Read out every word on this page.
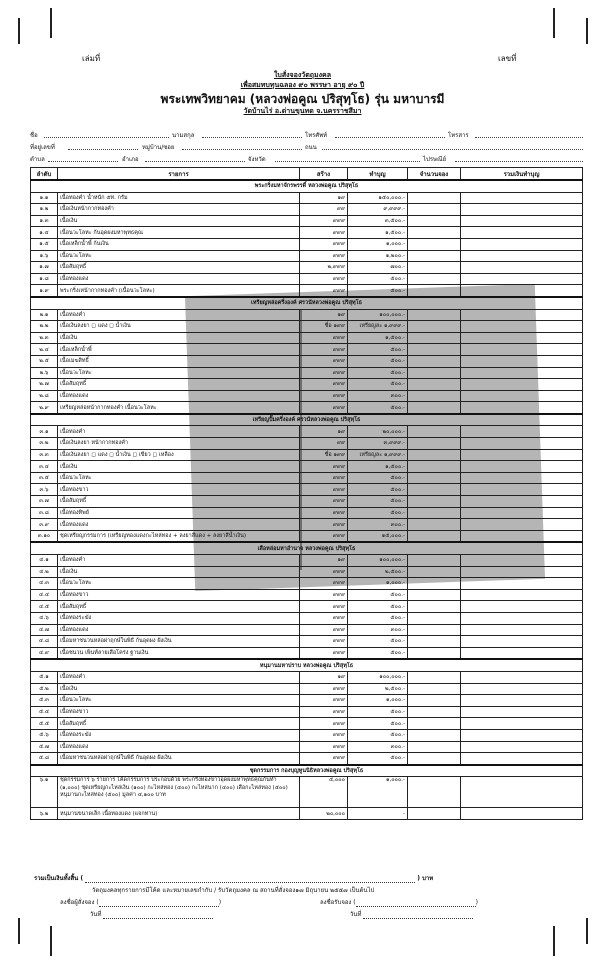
เล่มที่	เลขที่
ใบสั่งจองวัตถุมงคล
เพื่อสมทบทุนฉลอง ๙๐ พรรษา อายุ ๙๐ ปี
พระเทพวิทยาคม (หลวงพ่อคูณ ปริสุทฺโธ) รุ่น มหาบารมี
วัดบ้านไร่ อ.ด่านขุนทด จ.นครราชสีมา
ชื่อ	นามสกุล	โทรศัพท์	โทรสาร
ที่อยู่เลขที่	หมู่บ้าน/ซอย	ถนน
ตำบล	อำเภอ	จังหวัด	ไปรษณีย์
ลำดับ	รายการ	สร้าง	ทำบุญ	จำนวนจอง	รวมเงินทำบุญ
พระกริ่งมหาจักรพรรดิ์ หลวงพ่อคูณ ปริสุทฺโธ					
๑.๑	เนื้อทองคำ น้ำหนัก ๕ท. กรัม	๑๙	๑๕๐,๐๐๐.-		
๑.๒	เนื้อเงินหน้ากากทองคำ	๙๙	๙,๙๙๙.-		
๑.๓	เนื้อเงิน	๙๙๙	๓,๕๐๐.-		
๑.๔	เนื้อนวะโลหะ ก้นอุดผงมหาพุทธคุณ	๙๙๙	๑,๕๐๐.-		
๑.๕	เนื้อเหล็กน้ำพี้ ก้นเงิน	๙๙๙	๑,๐๐๐.-		
๑.๖	เนื้อนวะโลหะ	๙๙๙	๑,๒๐๐.-		
๑.๗	เนื้อสัมฤทธิ์	๒,๙๙๙	๗๐๐.-		
๑.๘	เนื้อทองแดง	๙๙๙	๕๐๐.-		
๑.๙	พระกริ่งเหน้ากากทองคำ (เนื้อนวะโลหะ)	๙๙๙	๕๐๐.-		
เหรียญหล่อครึ่งองค์ ศรวนัหลวงพ่อคูณ ปริสุทฺโธ					
๒.๑	เนื้อทองคำ	๑๙	๑๐๐,๐๐๐.-		
๒.๒	เนื้อเงินลงยา ◻ แดง ◻ น้ำเงิน	ชื่อ ๑๙๙	เหรียญละ ๑,๙๙๙.-		
๒.๓	เนื้อเงิน	๙๙๙	๑,๕๐๐.-		
๒.๔	เนื้อเหล็กน้ำพี้	๙๙๙	๕๐๐.-		
๒.๕	เนื้อเมฆสิทธิ์	๙๙๙	๕๐๐.-		
๒.๖	เนื้อนวะโลหะ	๙๙๙	๕๐๐.-		
๒.๗	เนื้อสัมฤทธิ์	๙๙๙	๕๐๐.-		
๒.๘	เนื้อทองแดง	๙๙๙	๓๐๐.-		
๒.๙	เหรียญหล่อหน้ากากทองคำ เนื้อนวะโลหะ	๙๙๙	๕๐๐.-		
เหรียญปั๊มครึ่งองค์ ศรวนัหลวงพ่อคูณ ปริสุทฺโธ					
๓.๑	เนื้อทองคำ	๑๙	๒๐,๐๐๐.-		
๓.๒	เนื้อเงินลงยา หน้ากากทองคำ	๙๙	๓,๙๙๙.-		
๓.๓	เนื้อเงินลงยา ◻ แดง ◻ น้ำเงิน ◻ เขียว ◻ เหลือง	ชื่อ ๑๙๙	เหรียญละ ๑,๙๙๙.-		
๓.๔	เนื้อเงิน	๙๙๙	๑,๕๐๐.-		
๓.๕	เนื้อนวะโลหะ	๙๙๙	๕๐๐.-		
๓.๖	เนื้อทองขาว	๙๙๙	๕๐๐.-		
๓.๗	เนื้อสัมฤทธิ์	๙๙๙	๕๐๐.-		
๓.๘	เนื้อทองทิพย์	๙๙๙	๕๐๐.-		
๓.๙	เนื้อทองแดง	๙๙๙	๓๐๐.-		
๓.๑๐	ชุดเหรียญกรรมการ (เหรียญทองแดงกะไหล่ทอง + ลงยาสีแดง + ลงยาสีน้ำเงิน)	๙๙๙	๑๕,๐๐๐.-		
เสือหล่อมหาอำนาจ หลวงพ่อคูณ ปริสุทฺโธ					
๔.๑	เนื้อทองคำ	๑๙	๑๐๐,๐๐๐.-		
๔.๒	เนื้อเงิน	๙๙๙	๒,๕๐๐.-		
๔.๓	เนื้อนวะโลหะ	๙๙๙	๑,๐๐๐.-		
๔.๔	เนื้อทองขาว	๙๙๙	๕๐๐.-		
๔.๕	เนื้อสัมฤทธิ์	๙๙๙	๕๐๐.-		
๔.๖	เนื้อทองระฆัง	๙๙๙	๕๐๐.-		
๔.๗	เนื้อทองแดง	๙๙๙	๓๐๐.-		
๔.๘	เนื้อมหาชนวนหล่อผ่าฤกษ์ในพิธี ก้นอุดผง ฝังเงิน	๙๙๙	๕๐๐.-		
๔.๙	เนื้อชนวน เพ็นท์ลายเสือโคร่ง ฐานเงิน	๙๙๙	๕๐๐.-		
หนุมานมหาปราบ หลวงพ่อคูณ ปริสุทฺโธ					
๕.๑	เนื้อทองคำ	๑๙	๑๐๐,๐๐๐.-		
๕.๒	เนื้อเงิน	๙๙๙	๒,๕๐๐.-		
๕.๓	เนื้อนวะโลหะ	๙๙๙	๑,๐๐๐.-		
๕.๔	เนื้อทองขาว	๙๙๙	๕๐๐.-		
๕.๕	เนื้อสัมฤทธิ์	๙๙๙	๕๐๐.-		
๕.๖	เนื้อทองระฆัง	๙๙๙	๕๐๐.-		
๕.๗	เนื้อทองแดง	๙๙๙	๓๐๐.-		
๕.๘	เนื้อมหาชนวนหล่อผ่าฤกษ์ในพิธี ก้นอุดผง ฝังเงิน	๙๙๙	๕๐๐.-		
ชุดกรรมการ กองบุญทูนนิธิหลวงพ่อคูณ ปริสุทฺโธ					
๖.๑	ชุดกรรมการ ๖ รายการ โค้ดกรรมการ ประกอบด้วย พระกริ่งทองขาวอุดผงมหาพุทธคุณก้นทำ (๑,๐๐๐) ชุดเหรียญกะไหล่เงิน (๑๐๐) กะไหล่ทอง (๔๐๐) กะไหล่นาก (๔๐๐) เสือกะไหล่ทอง (๕๐๐) หนุมานกะไหล่ทอง (๕๐๐) มูลค่า ๔,๑๐๐ บาท	๕,๐๐๐	๑,๐๐๐.-		
๖.๒	หนุมานขนาดเล็ก เนื้อทองแดง (แจกทาน)	๒๐,๐๐๐	-		
รวมเป็นเงินทั้งสิ้น (	) บาท
วัตถุมงคลทุกรายการมีโค้ด และหมายเลขกำกับ / รับวัตถุมงคล ณ สถานที่สั่งจอง๑๗ มิถุนายน ๒๕๕๗ เป็นต้นไป
ลงชื่อผู้สั่งจอง (	)	ลงชื่อรับจอง (	)
วันที่	วันที่
